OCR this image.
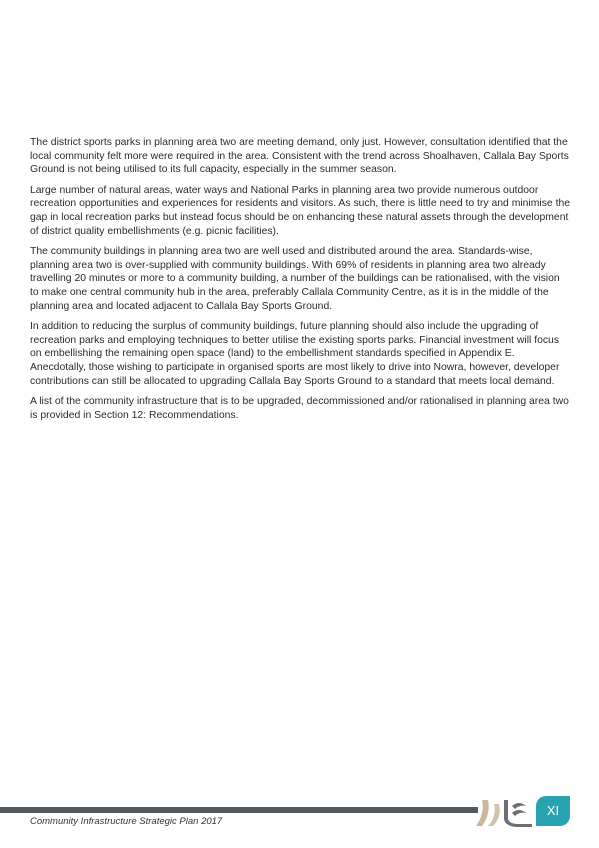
The district sports parks in planning area two are meeting demand, only just. However, consultation identified that the local community felt more were required in the area. Consistent with the trend across Shoalhaven, Callala Bay Sports Ground is not being utilised to its full capacity, especially in the summer season.

Large number of natural areas, water ways and National Parks in planning area two provide numerous outdoor recreation opportunities and experiences for residents and visitors. As such, there is little need to try and minimise the gap in local recreation parks but instead focus should be on enhancing these natural assets through the development of district quality embellishments (e.g. picnic facilities).

The community buildings in planning area two are well used and distributed around the area. Standards-wise, planning area two is over-supplied with community buildings. With 69% of residents in planning area two already travelling 20 minutes or more to a community building, a number of the buildings can be rationalised, with the vision to make one central community hub in the area, preferably Callala Community Centre, as it is in the middle of the planning area and located adjacent to Callala Bay Sports Ground.

In addition to reducing the surplus of community buildings, future planning should also include the upgrading of recreation parks and employing techniques to better utilise the existing sports parks. Financial investment will focus on embellishing the remaining open space (land) to the embellishment standards specified in Appendix E. Anecdotally, those wishing to participate in organised sports are most likely to drive into Nowra, however, developer contributions can still be allocated to upgrading Callala Bay Sports Ground to a standard that meets local demand.

A list of the community infrastructure that is to be upgraded, decommissioned and/or rationalised in planning area two is provided in Section 12: Recommendations.

Community Infrastructure Strategic Plan 2017
XI
